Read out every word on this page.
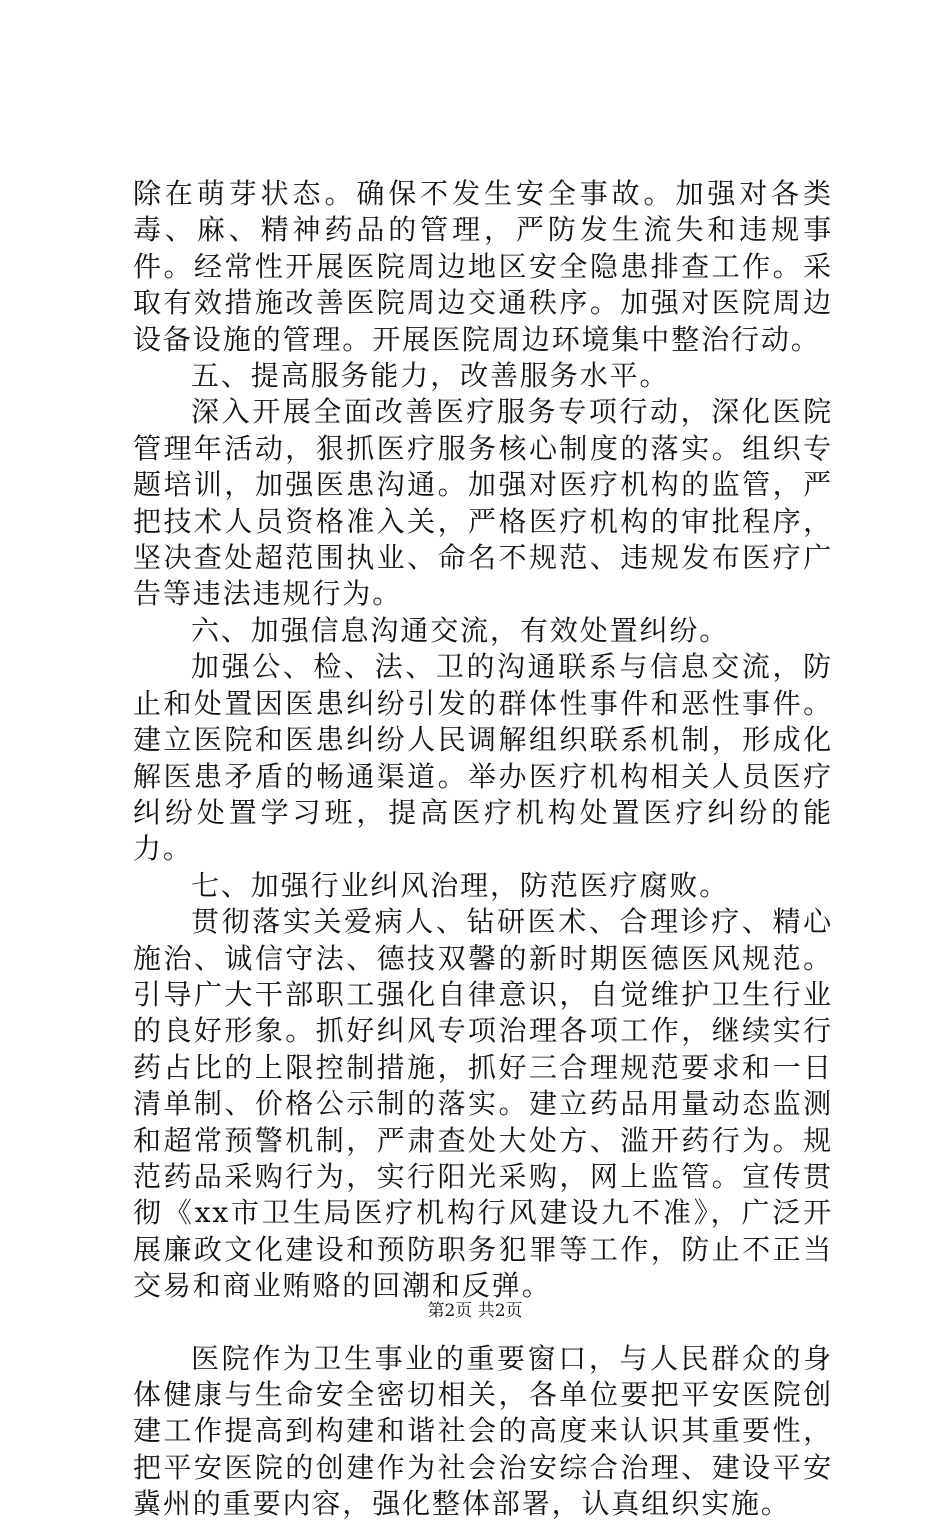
除在萌芽状态。确保不发生安全事故。加强对各类毒、麻、精神药品的管理，严防发生流失和违规事件。经常性开展医院周边地区安全隐患排查工作。采取有效措施改善医院周边交通秩序。加强对医院周边设备设施的管理。开展医院周边环境集中整治行动。

五、提高服务能力，改善服务水平。

深入开展全面改善医疗服务专项行动，深化医院管理年活动，狠抓医疗服务核心制度的落实。组织专题培训，加强医患沟通。加强对医疗机构的监管，严把技术人员资格准入关，严格医疗机构的审批程序，坚决查处超范围执业、命名不规范、违规发布医疗广告等违法违规行为。

六、加强信息沟通交流，有效处置纠纷。

加强公、检、法、卫的沟通联系与信息交流，防止和处置因医患纠纷引发的群体性事件和恶性事件。建立医院和医患纠纷人民调解组织联系机制，形成化解医患矛盾的畅通渠道。举办医疗机构相关人员医疗纠纷处置学习班，提高医疗机构处置医疗纠纷的能力。

七、加强行业纠风治理，防范医疗腐败。

贯彻落实关爱病人、钻研医术、合理诊疗、精心施治、诚信守法、德技双馨的新时期医德医风规范。引导广大干部职工强化自律意识，自觉维护卫生行业的良好形象。抓好纠风专项治理各项工作，继续实行药占比的上限控制措施，抓好三合理规范要求和一日清单制、价格公示制的落实。建立药品用量动态监测和超常预警机制，严肃查处大处方、滥开药行为。规范药品采购行为，实行阳光采购，网上监管。宣传贯彻《xx市卫生局医疗机构行风建设九不准》，广泛开展廉政文化建设和预防职务犯罪等工作，防止不正当交易和商业贿赂的回潮和反弹。

医院作为卫生事业的重要窗口，与人民群众的身体健康与生命安全密切相关，各单位要把平安医院创建工作提高到构建和谐社会的高度来认识其重要性，把平安医院的创建作为社会治安综合治理、建设平安冀州的重要内容，强化整体部署，认真组织实施。

第2页 共2页
